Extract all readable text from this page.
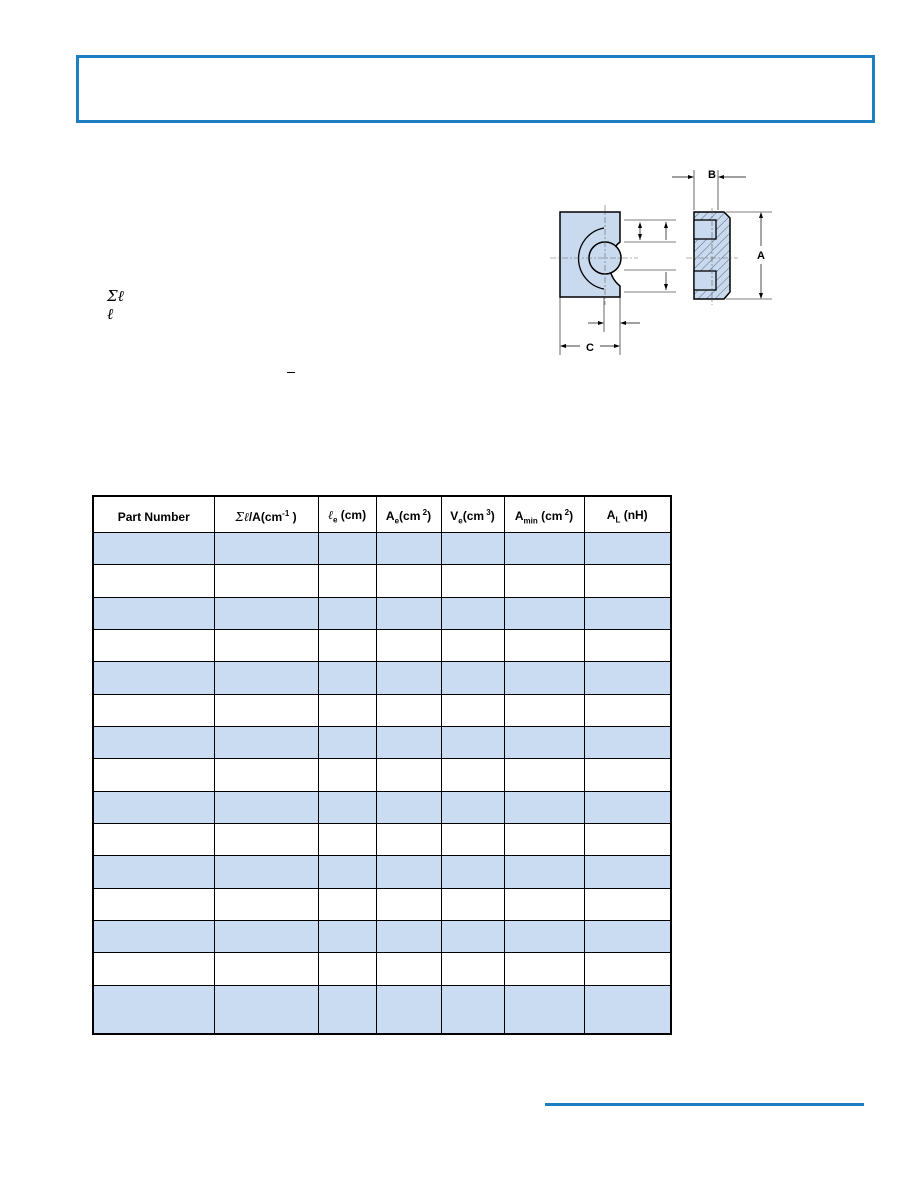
Σℓ
ℓ
C
B
A
Part Number	$\Sigma\ell/A(cm^{-1}$ )	ℓ$_e$ (cm)	$A_e(cm$ $^2$)	$V_e(cm$ $^3$)	$A_{min}$ (cm $^2$)	$A_L$ (nH)
